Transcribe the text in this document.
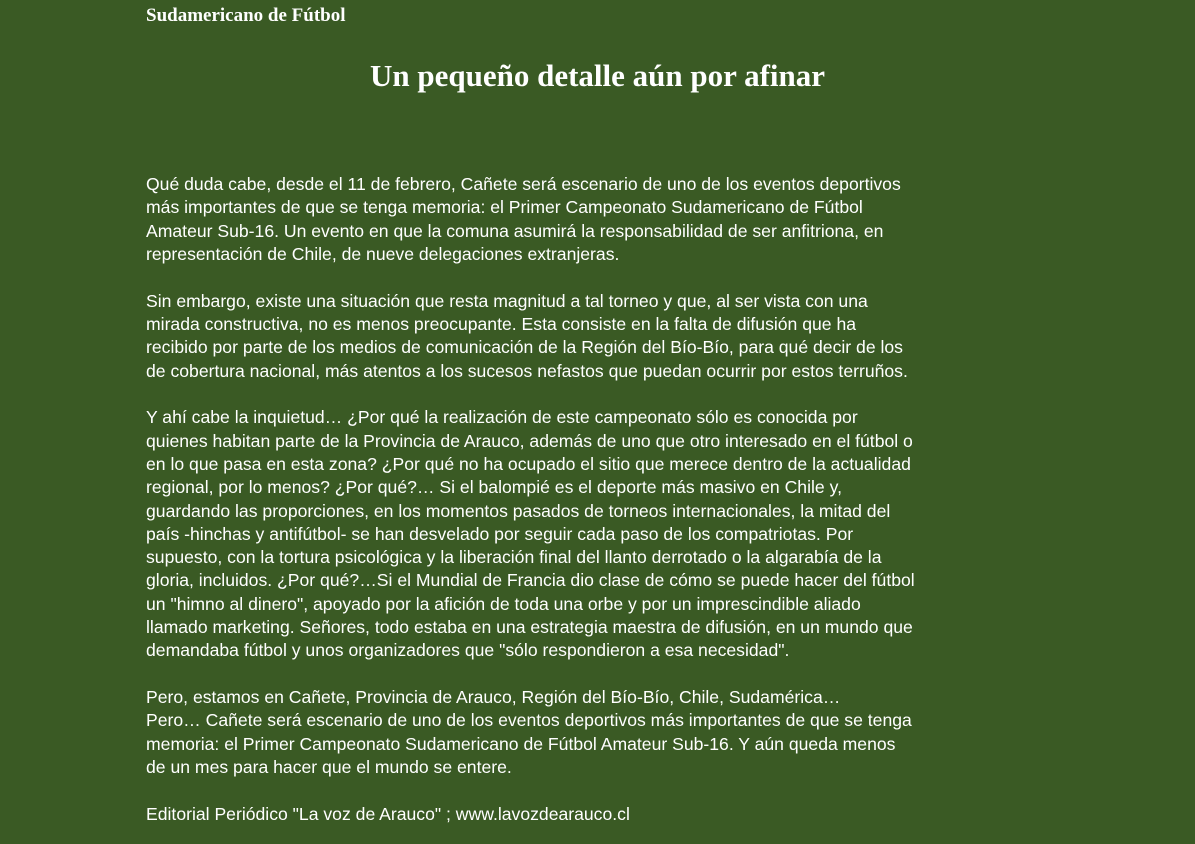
Sudamericano de Fútbol
Un pequeño detalle aún por afinar

Qué duda cabe, desde el 11 de febrero, Cañete será escenario de uno de los eventos deportivos
más importantes de que se tenga memoria: el Primer Campeonato Sudamericano de Fútbol
Amateur Sub-16. Un evento en que la comuna asumirá la responsabilidad de ser anfitriona, en
representación de Chile, de nueve delegaciones extranjeras.

Sin embargo, existe una situación que resta magnitud a tal torneo y que, al ser vista con una
mirada constructiva, no es menos preocupante. Esta consiste en la falta de difusión que ha
recibido por parte de los medios de comunicación de la Región del Bío-Bío, para qué decir de los
de cobertura nacional, más atentos a los sucesos nefastos que puedan ocurrir por estos terruños.

Y ahí cabe la inquietud… ¿Por qué la realización de este campeonato sólo es conocida por
quienes habitan parte de la Provincia de Arauco, además de uno que otro interesado en el fútbol o
en lo que pasa en esta zona? ¿Por qué no ha ocupado el sitio que merece dentro de la actualidad
regional, por lo menos? ¿Por qué?… Si el balompié es el deporte más masivo en Chile y,
guardando las proporciones, en los momentos pasados de torneos internacionales, la mitad del
país -hinchas y antifútbol- se han desvelado por seguir cada paso de los compatriotas. Por
supuesto, con la tortura psicológica y la liberación final del llanto derrotado o la algarabía de la
gloria, incluidos. ¿Por qué?…Si el Mundial de Francia dio clase de cómo se puede hacer del fútbol
un "himno al dinero", apoyado por la afición de toda una orbe y por un imprescindible aliado
llamado marketing. Señores, todo estaba en una estrategia maestra de difusión, en un mundo que
demandaba fútbol y unos organizadores que "sólo respondieron a esa necesidad".

Pero, estamos en Cañete, Provincia de Arauco, Región del Bío-Bío, Chile, Sudamérica…
Pero… Cañete será escenario de uno de los eventos deportivos más importantes de que se tenga
memoria: el Primer Campeonato Sudamericano de Fútbol Amateur Sub-16. Y aún queda menos
de un mes para hacer que el mundo se entere.

Editorial Periódico "La voz de Arauco" ; www.lavozdearauco.cl
